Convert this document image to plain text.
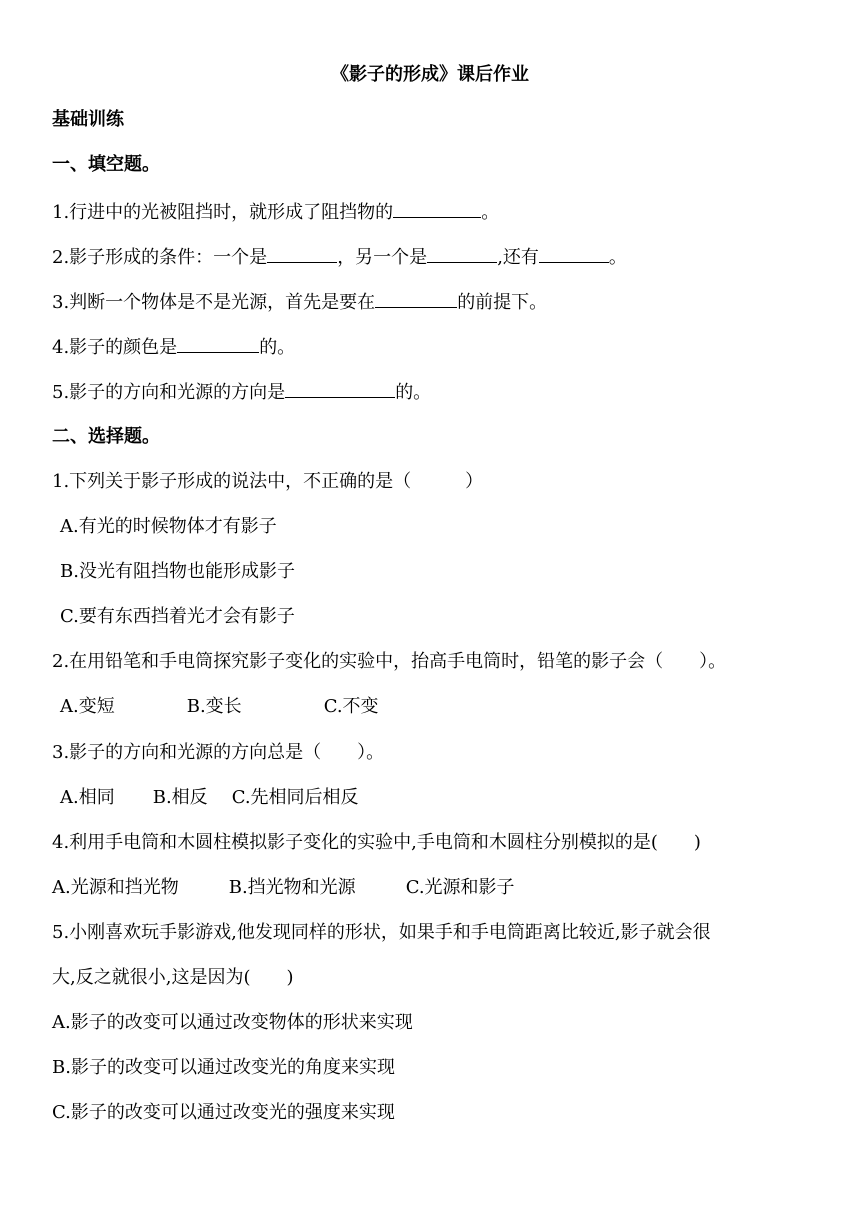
《影子的形成》课后作业
基础训练
一、填空题。
1.行进中的光被阻挡时，就形成了阻挡物的	。
2.影子形成的条件：一个是	，另一个是	,还有	。
3.判断一个物体是不是光源，首先是要在	的前提下。
4.影子的颜色是	的。
5.影子的方向和光源的方向是	的。
二、选择题。
1.下列关于影子形成的说法中，不正确的是（　　　）
A.有光的时候物体才有影子
B.没光有阻挡物也能形成影子
C.要有东西挡着光才会有影子
2.在用铅笔和手电筒探究影子变化的实验中，抬高手电筒时，铅笔的影子会（　　）。
A.变短	B.变长	C.不变
3.影子的方向和光源的方向总是（　　）。
A.相同 B.相反 C.先相同后相反
4.利用手电筒和木圆柱模拟影子变化的实验中,手电筒和木圆柱分别模拟的是(　　)
A.光源和挡光物	B.挡光物和光源	C.光源和影子
5.小刚喜欢玩手影游戏,他发现同样的形状，如果手和手电筒距离比较近,影子就会很
大,反之就很小,这是因为(　　)
A.影子的改变可以通过改变物体的形状来实现
B.影子的改变可以通过改变光的角度来实现
C.影子的改变可以通过改变光的强度来实现
